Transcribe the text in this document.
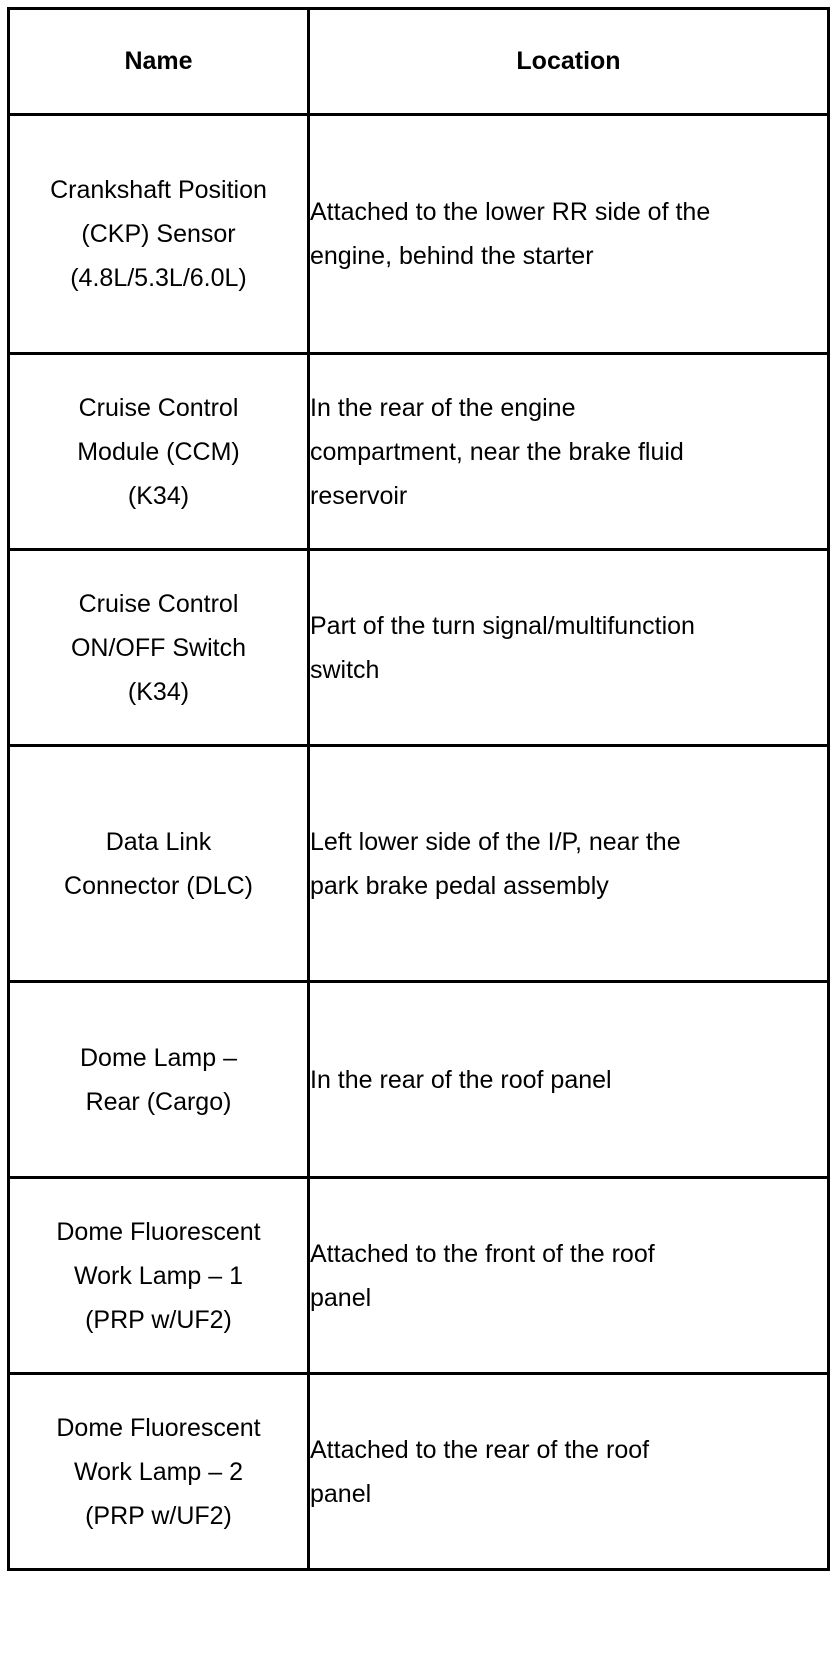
Name	Location

Crankshaft Position
(CKP) Sensor
(4.8L/5.3L/6.0L)	Attached to the lower RR side of the
engine, behind the starter

Cruise Control
Module (CCM)
(K34)	In the rear of the engine
compartment, near the brake fluid
reservoir

Cruise Control
ON/OFF Switch
(K34)	Part of the turn signal/multifunction
switch

Data Link
Connector (DLC)	Left lower side of the I/P, near the
park brake pedal assembly

Dome Lamp –
Rear (Cargo)	In the rear of the roof panel

Dome Fluorescent
Work Lamp – 1
(PRP w/UF2)	Attached to the front of the roof
panel

Dome Fluorescent
Work Lamp – 2
(PRP w/UF2)	Attached to the rear of the roof
panel
